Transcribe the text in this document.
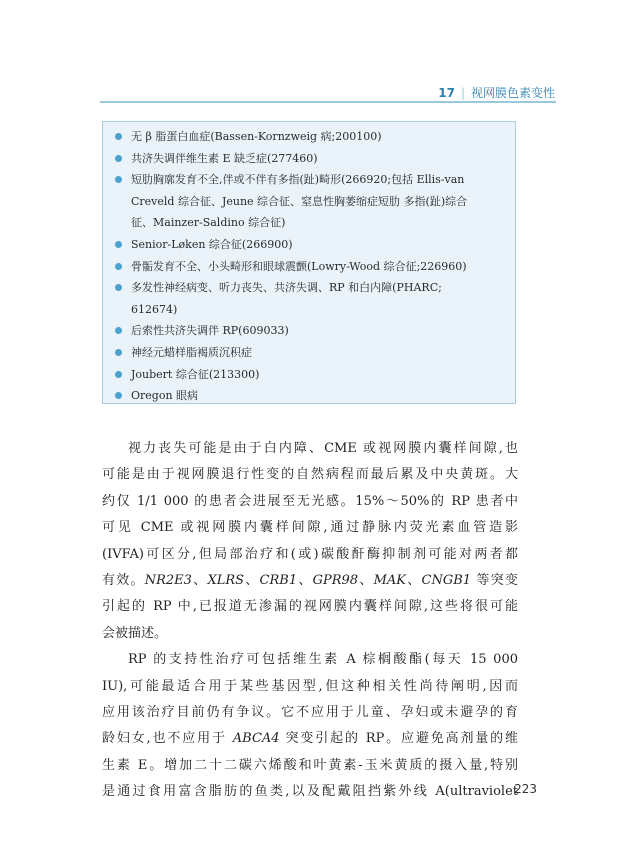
17 | 视网膜色素变性
无 β 脂蛋白血症(Bassen-Kornzweig 病;200100)
共济失调伴维生素 E 缺乏症(277460)
短肋胸廓发育不全,伴或不伴有多指(趾)畸形(266920;包括 Ellis-van
Creveld 综合征、Jeune 综合征、窒息性胸萎缩症短肋 多指(趾)综合
征、Mainzer-Saldino 综合征)
Senior-Løken 综合征(266900)
骨骺发育不全、小头畸形和眼球震颤(Lowry-Wood 综合征;226960)
多发性神经病变、听力丧失、共济失调、RP 和白内障(PHARC;
612674)
后索性共济失调伴 RP(609033)
神经元蜡样脂褐质沉积症
Joubert 综合征(213300)
Oregon 眼病

视力丧失可能是由于白内障、CME 或视网膜内囊样间隙,也
可能是由于视网膜退行性变的自然病程而最后累及中央黄斑。大
约仅 1/1 000 的患者会进展至无光感。15%～50%的 RP 患者中
可见 CME 或视网膜内囊样间隙,通过静脉内荧光素血管造影
(IVFA)可区分,但局部治疗和(或)碳酸酐酶抑制剂可能对两者都
有效。NR2E3、XLRS、CRB1、GPR98、MAK、CNGB1 等突变
引起的 RP 中,已报道无渗漏的视网膜内囊样间隙,这些将很可能
会被描述。

RP 的支持性治疗可包括维生素 A 棕榈酸酯(每天 15 000
IU),可能最适合用于某些基因型,但这种相关性尚待阐明,因而
应用该治疗目前仍有争议。它不应用于儿童、孕妇或未避孕的育
龄妇女,也不应用于 ABCA4 突变引起的 RP。应避免高剂量的维
生素 E。增加二十二碳六烯酸和叶黄素-玉米黄质的摄入量,特别
是通过食用富含脂肪的鱼类,以及配戴阻挡紫外线 A(ultraviolet

223
